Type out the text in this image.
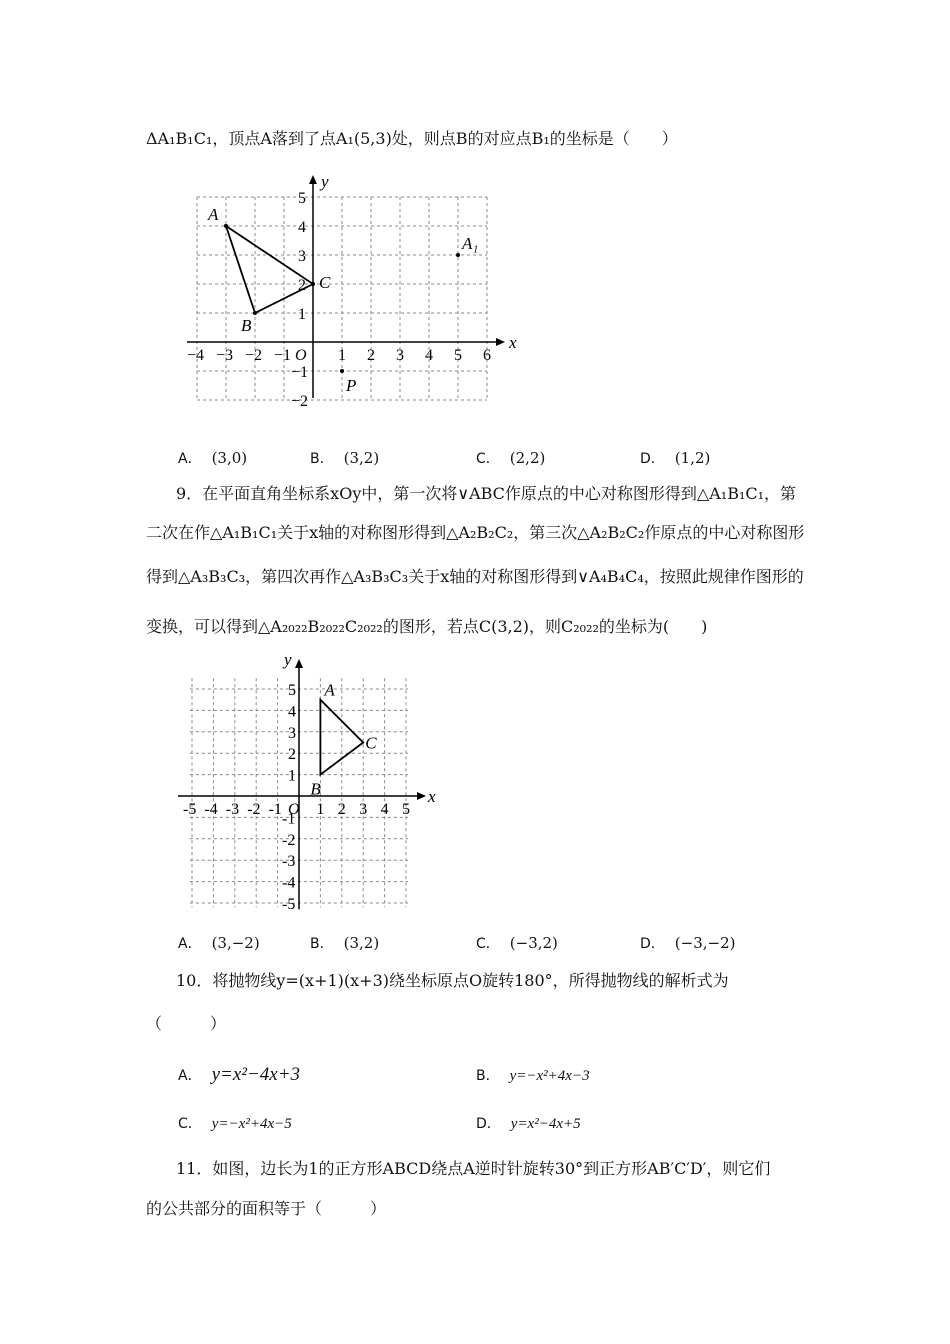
ΔA₁B₁C₁，顶点A落到了点A₁(5,3)处，则点B的对应点B₁的坐标是（　　）
x
y
−4 −3 −2 −1 O 1 2 3 4 5 6
5
4
3
2
1
−1
−2
A
B
C
A₁
P
A． (3,0)	B． (3,2)	C． (2,2)	D． (1,2)
9．在平面直角坐标系xOy中，第一次将∨ABC作原点的中心对称图形得到△A₁B₁C₁，第
二次在作△A₁B₁C₁关于x轴的对称图形得到△A₂B₂C₂，第三次△A₂B₂C₂作原点的中心对称图形
得到△A₃B₃C₃，第四次再作△A₃B₃C₃关于x轴的对称图形得到∨A₄B₄C₄，按照此规律作图形的
变换，可以得到△A₂₀₂₂B₂₀₂₂C₂₀₂₂的图形，若点C(3,2)，则C₂₀₂₂的坐标为(　　)
x
y
-5 -4 -3 -2 -1 O 1 2 3 4 5
5
4
3
2
1
-1
-2
-3
-4
-5
A
B
C
A． (3,−2)	B． (3,2)	C． (−3,2)	D． (−3,−2)
10．将抛物线y=(x+1)(x+3)绕坐标原点O旋转180°，所得抛物线的解析式为
（　　　）
A． y=x²−4x+3	B． y=−x²+4x−3
C． y=−x²+4x−5	D． y=x²−4x+5
11．如图，边长为1的正方形ABCD绕点A逆时针旋转30°到正方形AB′C′D′，则它们
的公共部分的面积等于（　　　）
